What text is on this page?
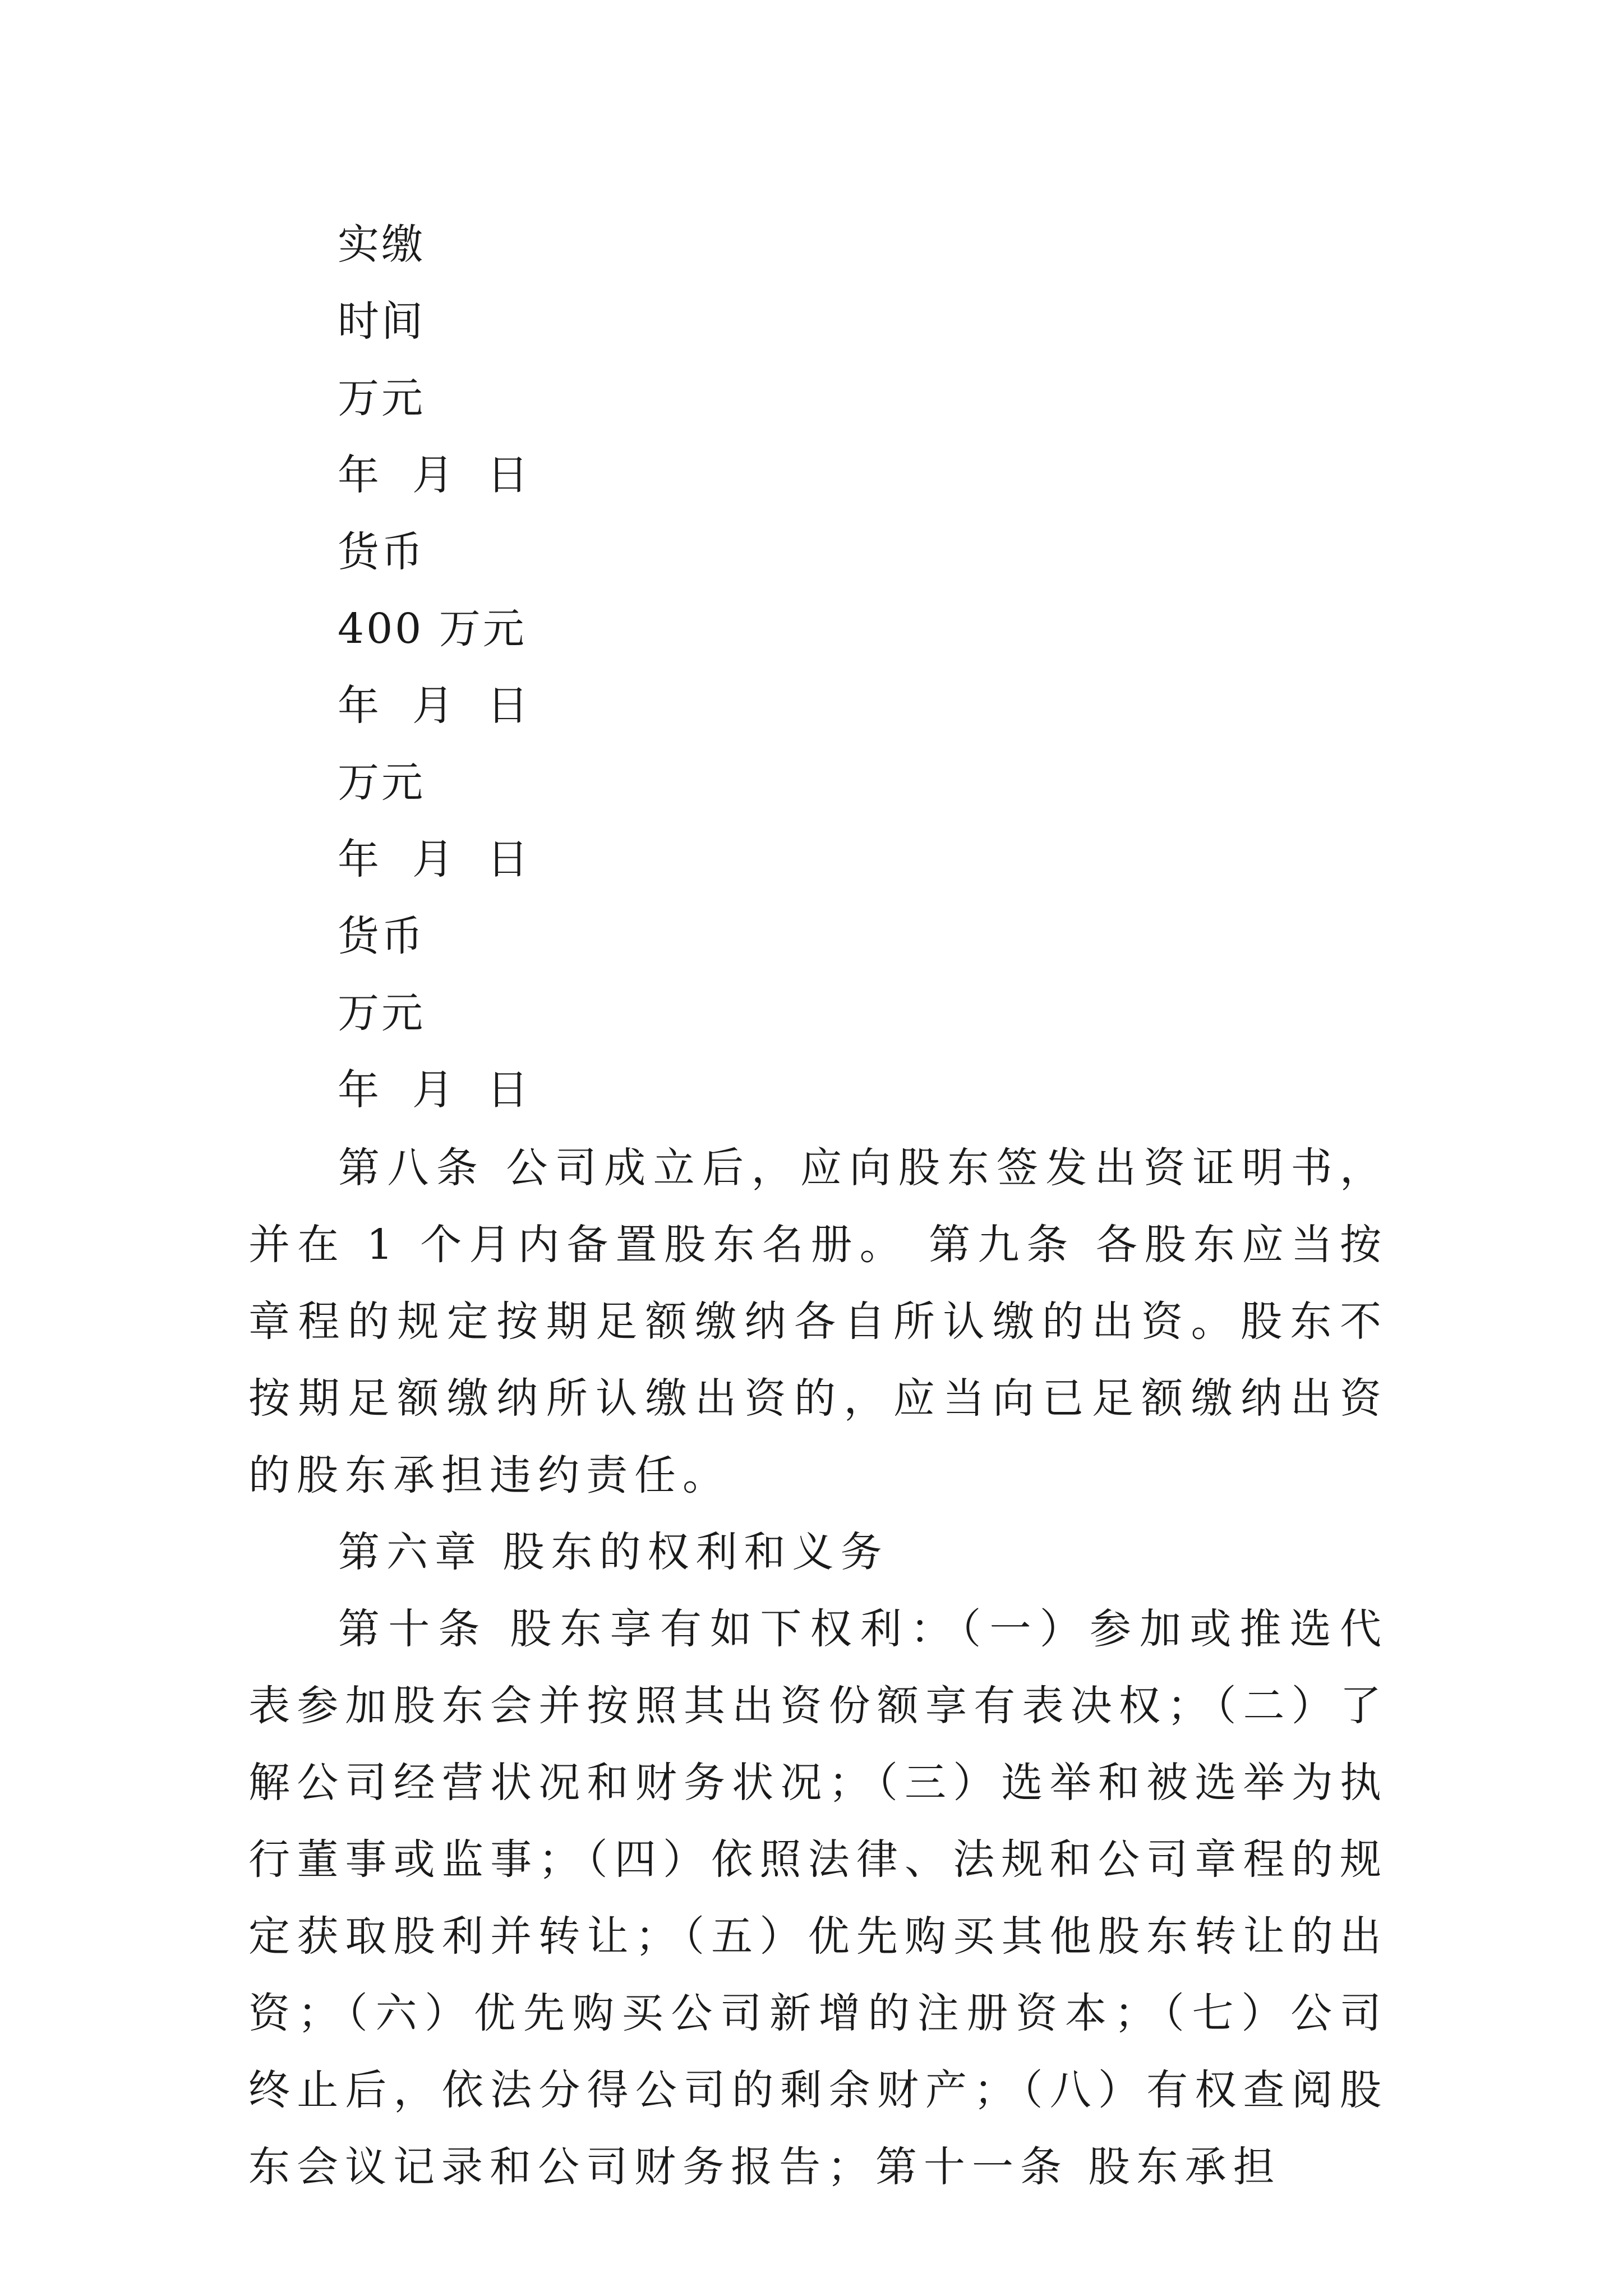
实缴
时间
万元
年  月  日
货币
400 万元
年  月  日
万元
年  月  日
货币
万元
年  月  日

第八条 公司成立后，应向股东签发出资证明书，并在 1 个月内备置股东名册。 第九条 各股东应当按章程的规定按期足额缴纳各自所认缴的出资。股东不按期足额缴纳所认缴出资的，应当向已足额缴纳出资的股东承担违约责任。

第六章 股东的权利和义务

第十条 股东享有如下权利：（一）参加或推选代表参加股东会并按照其出资份额享有表决权；（二）了解公司经营状况和财务状况；（三）选举和被选举为执行董事或监事；（四）依照法律、法规和公司章程的规定获取股利并转让；（五）优先购买其他股东转让的出资；（六）优先购买公司新增的注册资本；（七）公司终止后，依法分得公司的剩余财产；（八）有权查阅股东会议记录和公司财务报告；第十一条 股东承担
